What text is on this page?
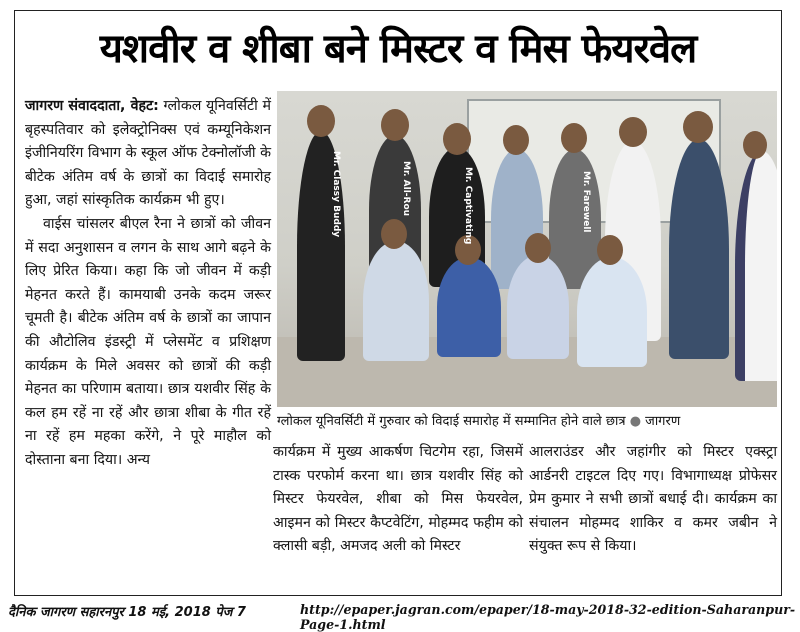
यशवीर व शीबा बने मिस्टर व मिस फेयरवेल

जागरण संवाददाता, वेहट: ग्लोकल यूनिवर्सिटी में बृहस्पतिवार को इलेक्ट्रोनिक्स एवं कम्यूनिकेशन इंजीनियरिंग विभाग के स्कूल ऑफ टेक्नोलॉजी के बीटेक अंतिम वर्ष के छात्रों का विदाई समारोह हुआ, जहां सांस्कृतिक कार्यक्रम भी हुए।

वाईस चांसलर बीएल रैना ने छात्रों को जीवन में सदा अनुशासन व लगन के साथ आगे बढ़ने के लिए प्रेरित किया। कहा कि जो जीवन में कड़ी मेहनत करते हैं। कामयाबी उनके कदम जरूर चूमती है। बीटेक अंतिम वर्ष के छात्रों का जापान की औटोलिव इंडस्ट्री में प्लेसमेंट व प्रशिक्षण कार्यक्रम के मिले अवसर को छात्रों की कड़ी मेहनत का परिणाम बताया। छात्र यशवीर सिंह के कल हम रहें ना रहें और छात्रा शीबा के गीत रहें ना रहें हम महका करेंगे, ने पूरे माहौल को दोस्ताना बना दिया। अन्य

Mr. Classy Buddy	Mr. All-Rou	Mr. Captivating	Mr. Farewell
ग्लोकल यूनिवर्सिटी में गुरुवार को विदाई समारोह में सम्मानित होने वाले छात्र ● जागरण

कार्यक्रम में मुख्य आकर्षण चिटगेम रहा, जिसमें टास्क परफोर्म करना था। छात्र यशवीर सिंह को मिस्टर फेयरवेल, शीबा को मिस फेयरवेल, आइमन को मिस्टर कैप्टवेटिंग, मोहम्मद फहीम को क्लासी बड़ी, अमजद अली को मिस्टर

आलराउंडर और जहांगीर को मिस्टर एक्स्ट्रा आर्डनरी टाइटल दिए गए। विभागाध्यक्ष प्रोफेसर प्रेम कुमार ने सभी छात्रों बधाई दी। कार्यक्रम का संचालन मोहम्मद शाकिर व कमर जबीन ने संयुक्त रूप से किया।

दैनिक जागरण सहारनपुर 18 मई, 2018 पेज 7	http://epaper.jagran.com/epaper/18-may-2018-32-edition-Saharanpur-Page-1.html
